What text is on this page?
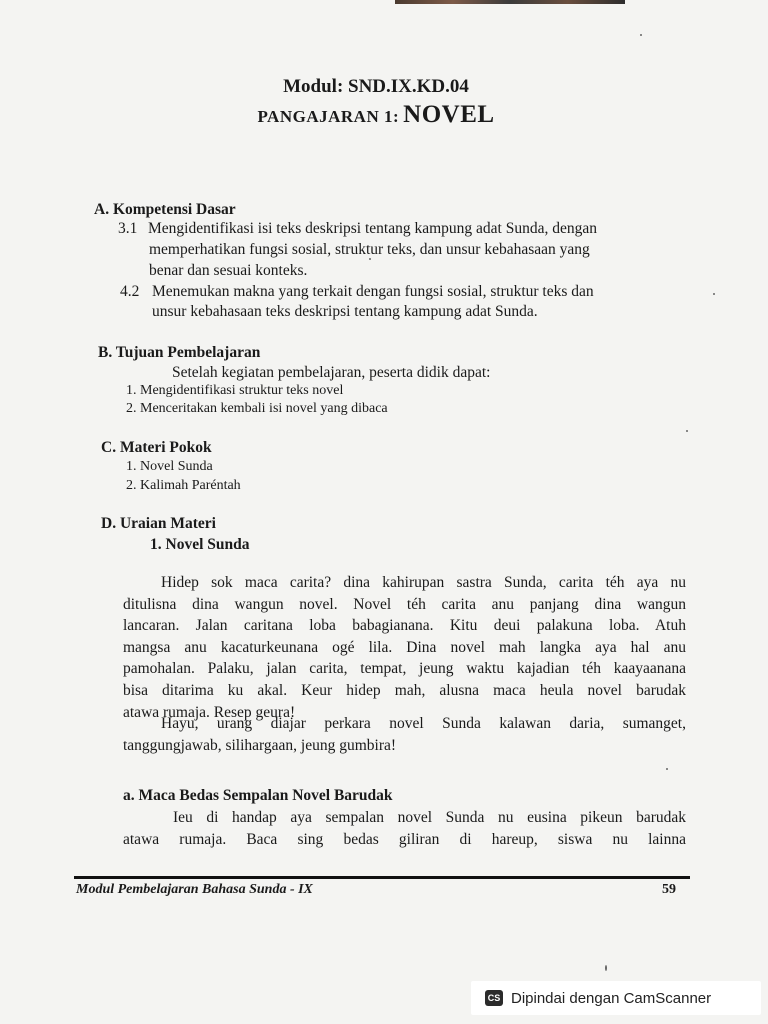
Modul: SND.IX.KD.04
PANGAJARAN 1: NOVEL
A. Kompetensi Dasar
3.1 Mengidentifikasi isi teks deskripsi tentang kampung adat Sunda, dengan
memperhatikan fungsi sosial, struktur teks, dan unsur kebahasaan yang
benar dan sesuai konteks.
4.2 Menemukan makna yang terkait dengan fungsi sosial, struktur teks dan
unsur kebahasaan teks deskripsi tentang kampung adat Sunda.
B. Tujuan Pembelajaran
Setelah kegiatan pembelajaran, peserta didik dapat:
1. Mengidentifikasi struktur teks novel
2. Menceritakan kembali isi novel yang dibaca
C. Materi Pokok
1. Novel Sunda
2. Kalimah Paréntah
D. Uraian Materi
1. Novel Sunda
Hidep sok maca carita? dina kahirupan sastra Sunda, carita téh aya nu
ditulisna dina wangun novel. Novel téh carita anu panjang dina wangun
lancaran. Jalan caritana loba babagianana. Kitu deui palakuna loba. Atuh
mangsa anu kacaturkeunana ogé lila. Dina novel mah langka aya hal anu
pamohalan. Palaku, jalan carita, tempat, jeung waktu kajadian téh kaayaanana
bisa ditarima ku akal. Keur hidep mah, alusna maca heula novel barudak
atawa rumaja. Resep geura!
Hayu, urang diajar perkara novel Sunda kalawan daria, sumanget,
tanggungjawab, silihargaan, jeung gumbira!
a. Maca Bedas Sempalan Novel Barudak
Ieu di handap aya sempalan novel Sunda nu eusina pikeun barudak
atawa rumaja. Baca sing bedas giliran di hareup, siswa nu lainna
Modul Pembelajaran Bahasa Sunda - IX	59
CS Dipindai dengan CamScanner
